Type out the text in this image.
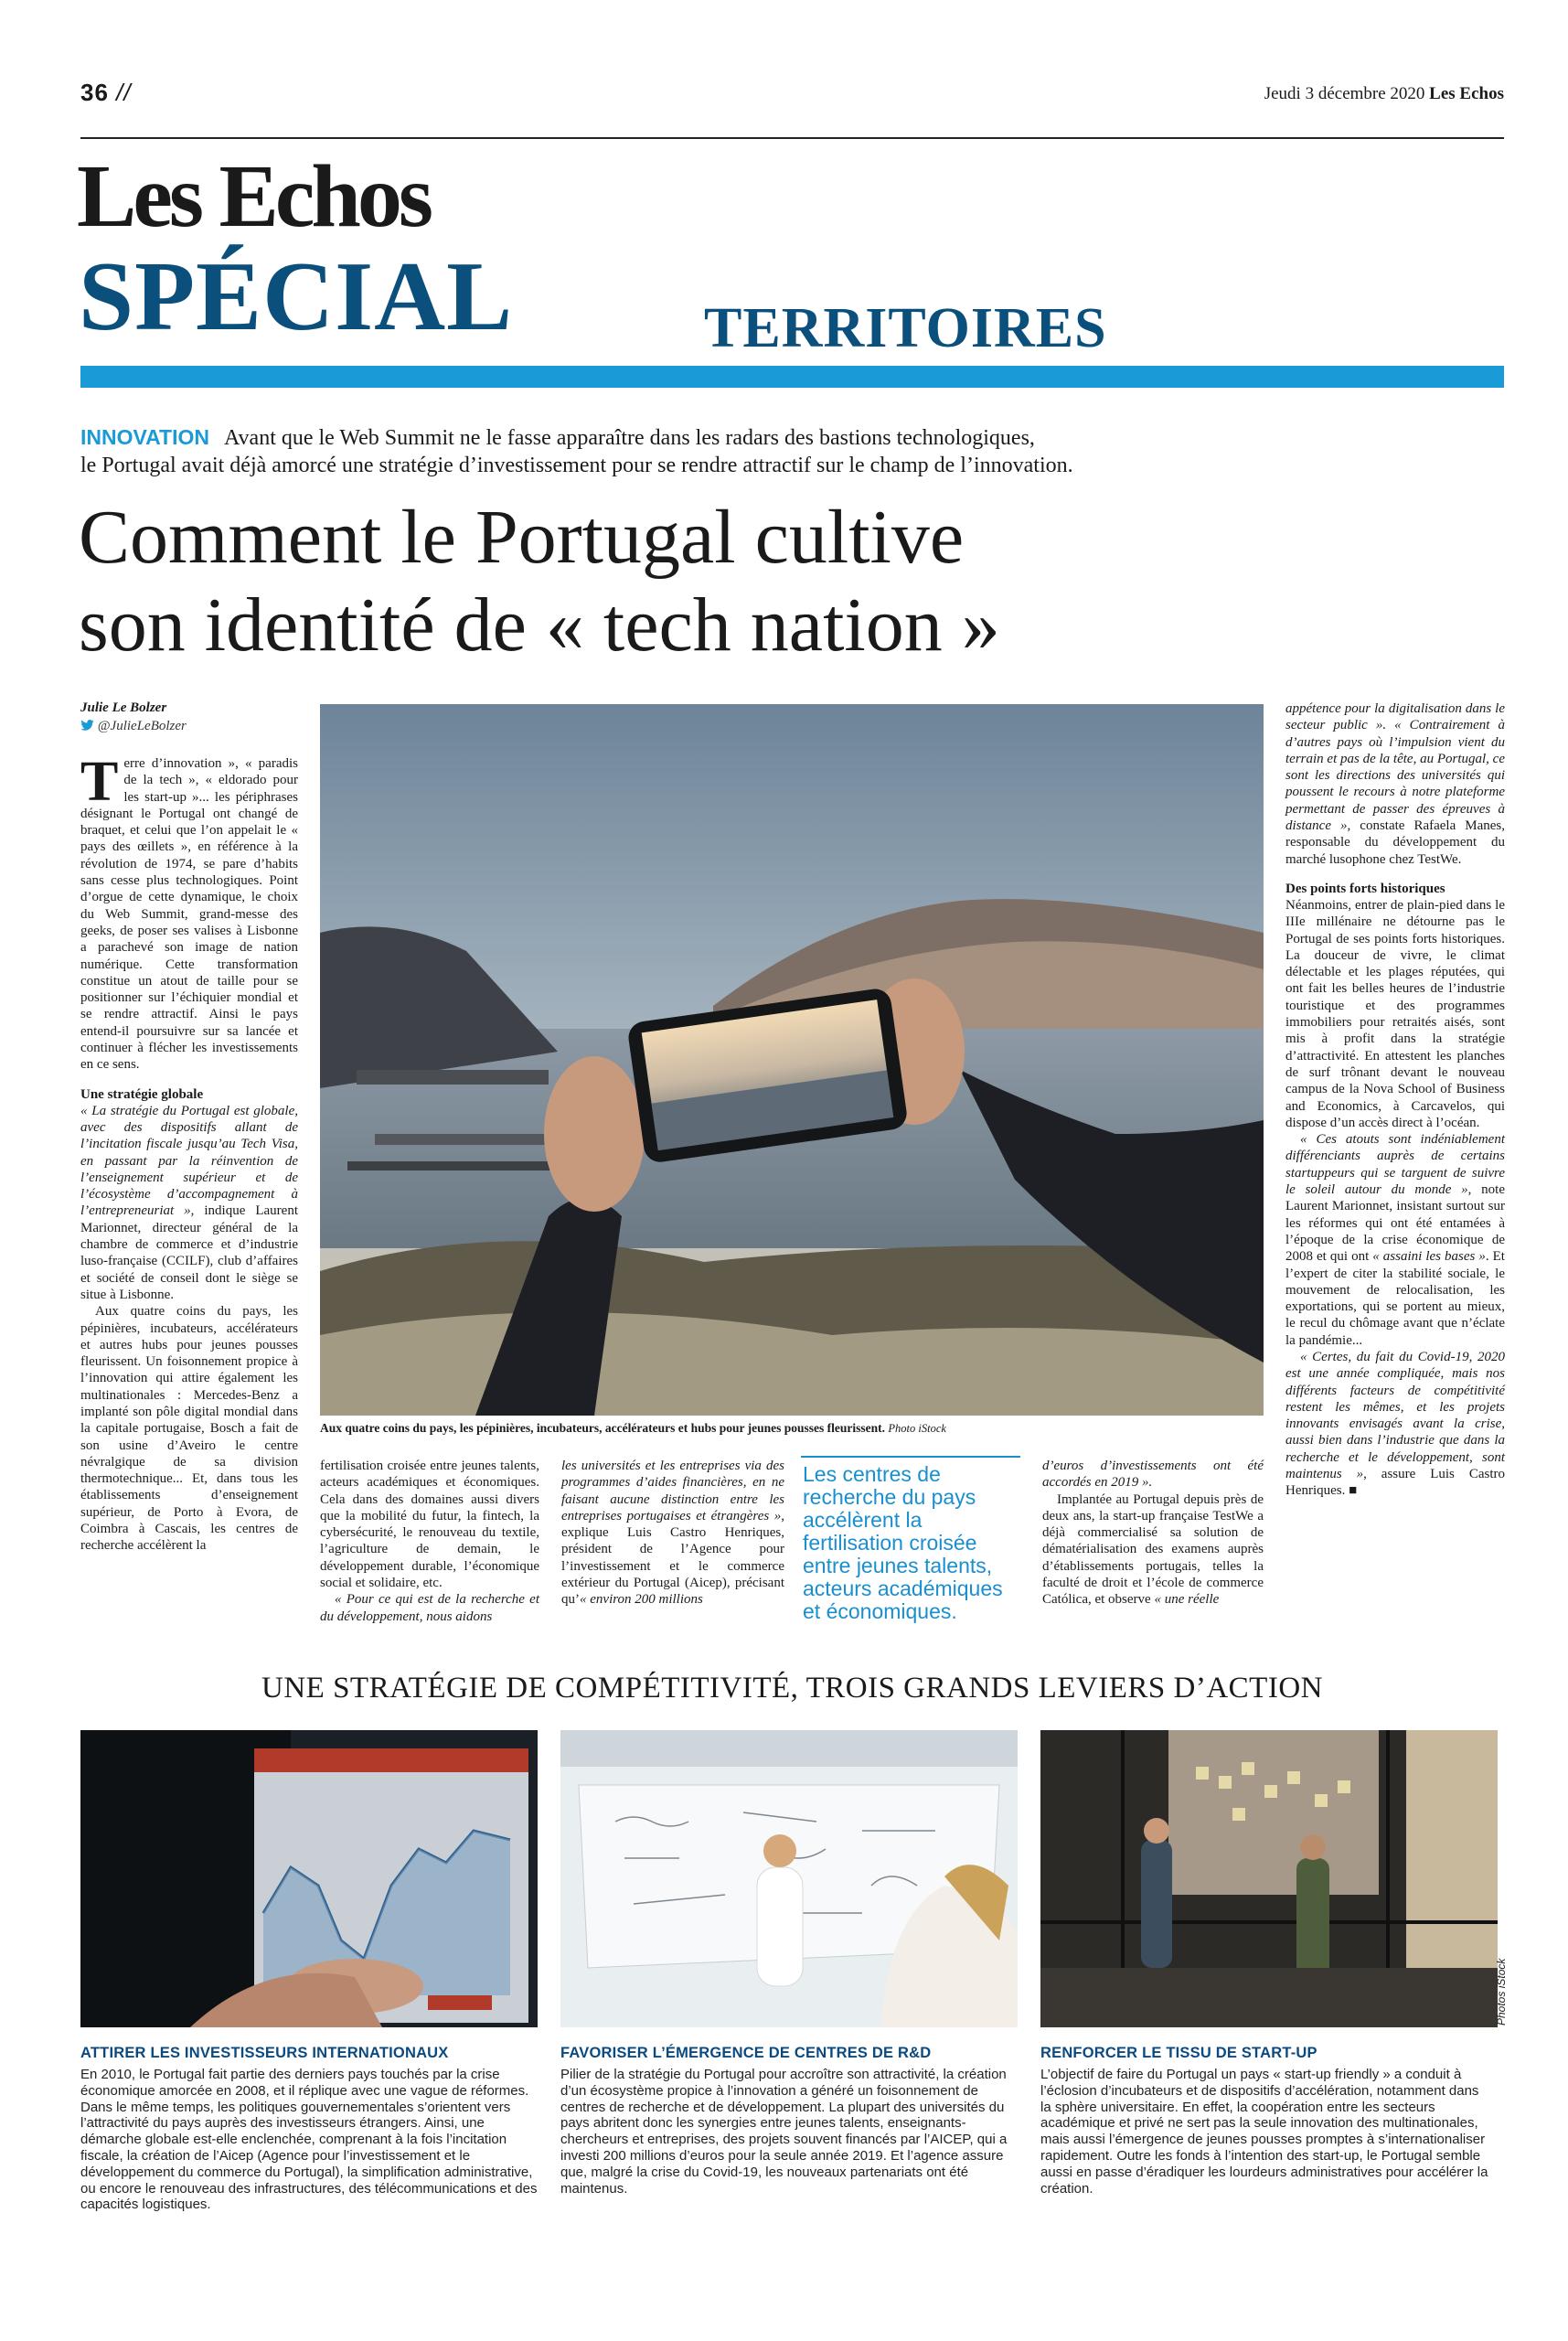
36 //	Jeudi 3 décembre 2020 Les Echos
Les Echos
SPÉCIAL	TERRITOIRES
INNOVATION Avant que le Web Summit ne le fasse apparaître dans les radars des bastions technologiques,
le Portugal avait déjà amorcé une stratégie d’investissement pour se rendre attractif sur le champ de l’innovation.
Comment le Portugal cultive
son identité de « tech nation »
Julie Le Bolzer
@JulieLeBolzer

Terre d’innovation », « paradis de la tech », « eldorado pour les start-up »... les périphrases désignant le Portugal ont changé de braquet, et celui que l’on appelait le « pays des œillets », en référence à la révolution de 1974, se pare d’habits sans cesse plus technologiques. Point d’orgue de cette dynamique, le choix du Web Summit, grand-messe des geeks, de poser ses valises à Lisbonne a parachevé son image de nation numérique. Cette transformation constitue un atout de taille pour se positionner sur l’échiquier mondial et se rendre attractif. Ainsi le pays entend-il poursuivre sur sa lancée et continuer à flécher les investissements en ce sens.

Une stratégie globale

« La stratégie du Portugal est globale, avec des dispositifs allant de l’incitation fiscale jusqu’au Tech Visa, en passant par la réinvention de l’enseignement supérieur et de l’écosystème d’accompagnement à l’entrepreneuriat », indique Laurent Marionnet, directeur général de la chambre de commerce et d’industrie luso-française (CCILF), club d’affaires et société de conseil dont le siège se situe à Lisbonne.

Aux quatre coins du pays, les pépinières, incubateurs, accélérateurs et autres hubs pour jeunes pousses fleurissent. Un foisonnement propice à l’innovation qui attire également les multinationales : Mercedes-Benz a implanté son pôle digital mondial dans la capitale portugaise, Bosch a fait de son usine d’Aveiro le centre névralgique de sa division thermotechnique... Et, dans tous les établissements d’enseignement supérieur, de Porto à Evora, de Coimbra à Cascais, les centres de recherche accélèrent la

Aux quatre coins du pays, les pépinières, incubateurs, accélérateurs et hubs pour jeunes pousses fleurissent. Photo iStock

fertilisation croisée entre jeunes talents, acteurs académiques et économiques. Cela dans des domaines aussi divers que la mobilité du futur, la fintech, la cybersécurité, le renouveau du textile, l’agriculture de demain, le développement durable, l’économique social et solidaire, etc.

« Pour ce qui est de la recherche et du développement, nous aidons

les universités et les entreprises via des programmes d’aides financières, en ne faisant aucune distinction entre les entreprises portugaises et étrangères », explique Luis Castro Henriques, président de l’Agence pour l’investissement et le commerce extérieur du Portugal (Aicep), précisant qu’« environ 200 millions

Les centres de recherche du pays accélèrent la fertilisation croisée entre jeunes talents, acteurs académiques et économiques.

d’euros d’investissements ont été accordés en 2019 ».

Implantée au Portugal depuis près de deux ans, la start-up française TestWe a déjà commercialisé sa solution de dématérialisation des examens auprès d’établissements portugais, telles la faculté de droit et l’école de commerce Católica, et observe « une réelle

appétence pour la digitalisation dans le secteur public ». « Contrairement à d’autres pays où l’impulsion vient du terrain et pas de la tête, au Portugal, ce sont les directions des universités qui poussent le recours à notre plateforme permettant de passer des épreuves à distance », constate Rafaela Manes, responsable du développement du marché lusophone chez TestWe.

Des points forts historiques

Néanmoins, entrer de plain-pied dans le IIIe millénaire ne détourne pas le Portugal de ses points forts historiques. La douceur de vivre, le climat délectable et les plages réputées, qui ont fait les belles heures de l’industrie touristique et des programmes immobiliers pour retraités aisés, sont mis à profit dans la stratégie d’attractivité. En attestent les planches de surf trônant devant le nouveau campus de la Nova School of Business and Economics, à Carcavelos, qui dispose d’un accès direct à l’océan.

« Ces atouts sont indéniablement différenciants auprès de certains startuppeurs qui se targuent de suivre le soleil autour du monde », note Laurent Marionnet, insistant surtout sur les réformes qui ont été entamées à l’époque de la crise économique de 2008 et qui ont « assaini les bases ». Et l’expert de citer la stabilité sociale, le mouvement de relocalisation, les exportations, qui se portent au mieux, le recul du chômage avant que n’éclate la pandémie...

« Certes, du fait du Covid-19, 2020 est une année compliquée, mais nos différents facteurs de compétitivité restent les mêmes, et les projets innovants envisagés avant la crise, aussi bien dans l’industrie que dans la recherche et le développement, sont maintenus », assure Luis Castro Henriques. ■

UNE STRATÉGIE DE COMPÉTITIVITÉ, TROIS GRANDS LEVIERS D’ACTION
Photos iStock
ATTIRER LES INVESTISSEURS INTERNATIONAUX
En 2010, le Portugal fait partie des derniers pays touchés par la crise économique amorcée en 2008, et il réplique avec une vague de réformes. Dans le même temps, les politiques gouvernementales s’orientent vers l’attractivité du pays auprès des investisseurs étrangers. Ainsi, une démarche globale est-elle enclenchée, comprenant à la fois l’incitation fiscale, la création de l’Aicep (Agence pour l’investissement et le développement du commerce du Portugal), la simplification administrative, ou encore le renouveau des infrastructures, des télécommunications et des capacités logistiques.
FAVORISER L’ÉMERGENCE DE CENTRES DE R&D
Pilier de la stratégie du Portugal pour accroître son attractivité, la création d’un écosystème propice à l’innovation a généré un foisonnement de centres de recherche et de développement. La plupart des universités du pays abritent donc les synergies entre jeunes talents, enseignants-chercheurs et entreprises, des projets souvent financés par l’AICEP, qui a investi 200 millions d’euros pour la seule année 2019. Et l’agence assure que, malgré la crise du Covid-19, les nouveaux partenariats ont été maintenus.
RENFORCER LE TISSU DE START-UP
L’objectif de faire du Portugal un pays « start-up friendly » a conduit à l’éclosion d’incubateurs et de dispositifs d’accélération, notamment dans la sphère universitaire. En effet, la coopération entre les secteurs académique et privé ne sert pas la seule innovation des multinationales, mais aussi l’émergence de jeunes pousses promptes à s’internationaliser rapidement. Outre les fonds à l’intention des start-up, le Portugal semble aussi en passe d’éradiquer les lourdeurs administratives pour accélérer la création.
